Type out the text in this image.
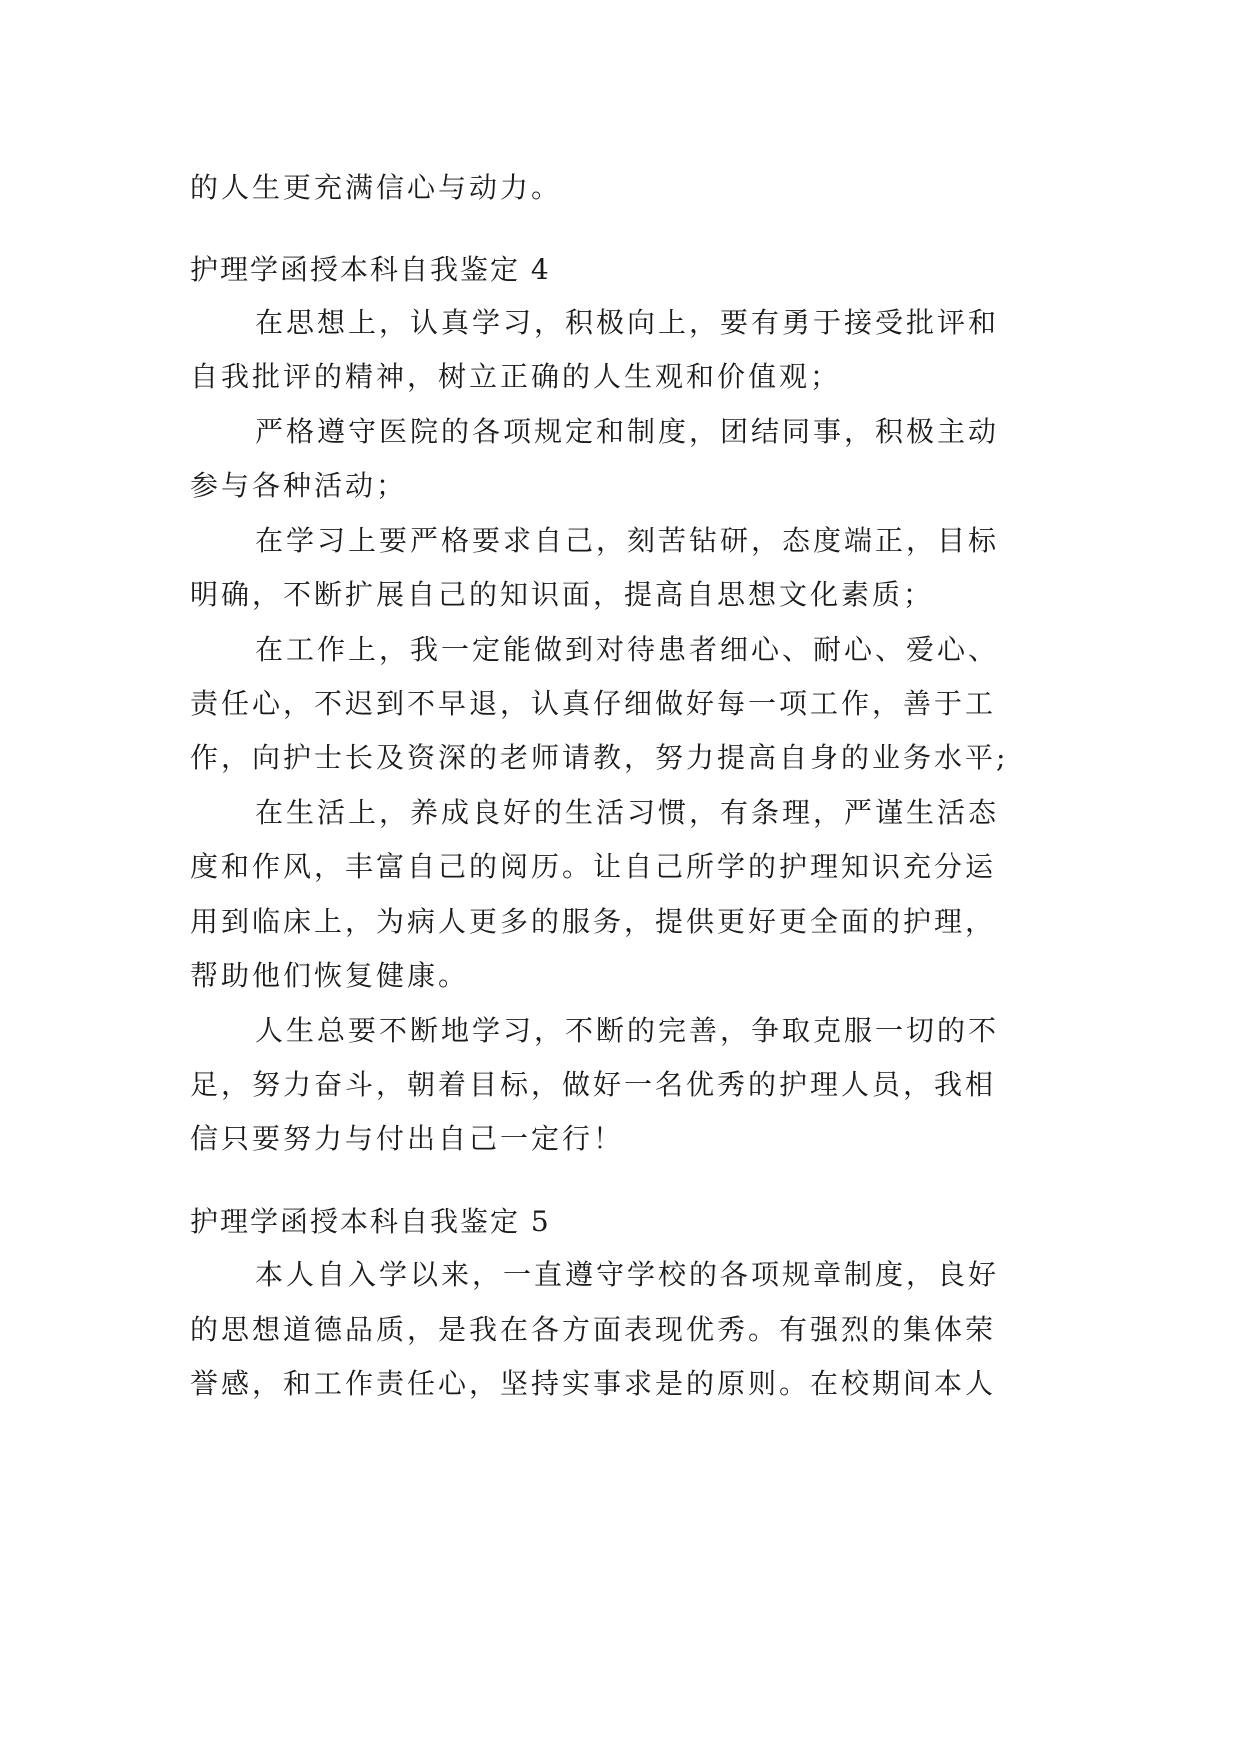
的人生更充满信心与动力。
护理学函授本科自我鉴定 4
在思想上，认真学习，积极向上，要有勇于接受批评和
自我批评的精神，树立正确的人生观和价值观；
严格遵守医院的各项规定和制度，团结同事，积极主动
参与各种活动；
在学习上要严格要求自己，刻苦钻研，态度端正，目标
明确，不断扩展自己的知识面，提高自思想文化素质；
在工作上，我一定能做到对待患者细心、耐心、爱心、
责任心，不迟到不早退，认真仔细做好每一项工作，善于工
作，向护士长及资深的老师请教，努力提高自身的业务水平;
在生活上，养成良好的生活习惯，有条理，严谨生活态
度和作风，丰富自己的阅历。让自己所学的护理知识充分运
用到临床上，为病人更多的服务，提供更好更全面的护理，
帮助他们恢复健康。
人生总要不断地学习，不断的完善，争取克服一切的不
足，努力奋斗，朝着目标，做好一名优秀的护理人员，我相
信只要努力与付出自己一定行！
护理学函授本科自我鉴定 5
本人自入学以来，一直遵守学校的各项规章制度，良好
的思想道德品质，是我在各方面表现优秀。有强烈的集体荣
誉感，和工作责任心，坚持实事求是的原则。在校期间本人
